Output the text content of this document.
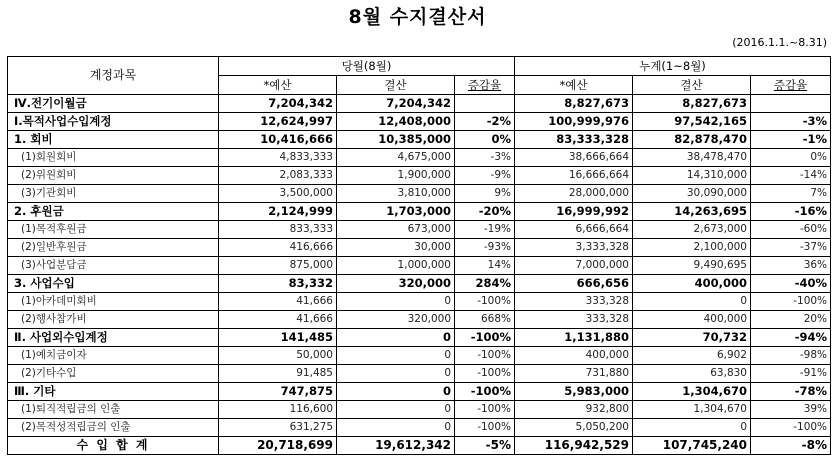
8월 수지결산서
(2016.1.1.~8.31)
계정과목	당월(8월)			누계(1~8월)		
	*예산	결산	증감율	*예산	결산	증감율
Ⅳ.전기이월금	7,204,342	7,204,342		8,827,673	8,827,673	
Ⅰ.목적사업수입계정	12,624,997	12,408,000	-2%	100,999,976	97,542,165	-3%
1. 회비	10,416,666	10,385,000	0%	83,333,328	82,878,470	-1%
(1)회원회비	4,833,333	4,675,000	-3%	38,666,664	38,478,470	0%
(2)위원회비	2,083,333	1,900,000	-9%	16,666,664	14,310,000	-14%
(3)기관회비	3,500,000	3,810,000	9%	28,000,000	30,090,000	7%
2. 후원금	2,124,999	1,703,000	-20%	16,999,992	14,263,695	-16%
(1)목적후원금	833,333	673,000	-19%	6,666,664	2,673,000	-60%
(2)일반후원금	416,666	30,000	-93%	3,333,328	2,100,000	-37%
(3)사업분담금	875,000	1,000,000	14%	7,000,000	9,490,695	36%
3. 사업수입	83,332	320,000	284%	666,656	400,000	-40%
(1)아카데미회비	41,666	0	-100%	333,328	0	-100%
(2)행사참가비	41,666	320,000	668%	333,328	400,000	20%
Ⅱ. 사업외수입계정	141,485	0	-100%	1,131,880	70,732	-94%
(1)예치금이자	50,000	0	-100%	400,000	6,902	-98%
(2)기타수입	91,485	0	-100%	731,880	63,830	-91%
Ⅲ. 기타	747,875	0	-100%	5,983,000	1,304,670	-78%
(1)퇴직적립금의 인출	116,600	0	-100%	932,800	1,304,670	39%
(2)목적성적립금의 인출	631,275	0	-100%	5,050,200	0	-100%
수 입 합 계	20,718,699	19,612,342	-5%	116,942,529	107,745,240	-8%
